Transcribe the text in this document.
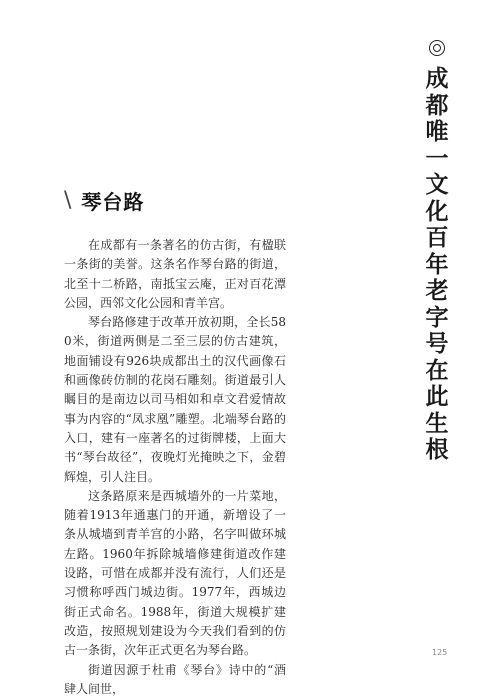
成
都
唯
一
文
化
百
年
老
字
号
在
此
生
根
\ 琴台路

在成都有一条著名的仿古街，有楹联一条街的美誉。这条名作琴台路的街道，北至十二桥路，南抵宝云庵，正对百花潭公园，西邻文化公园和青羊宫。

琴台路修建于改革开放初期，全长580米，街道两侧是二至三层的仿古建筑，地面铺设有926块成都出土的汉代画像石和画像砖仿制的花岗石雕刻。街道最引人瞩目的是南边以司马相如和卓文君爱情故事为内容的“凤求凰”雕塑。北端琴台路的入口，建有一座著名的过街牌楼，上面大书“琴台故径”，夜晚灯光掩映之下，金碧辉煌，引人注目。

这条路原来是西城墙外的一片菜地，随着1913年通惠门的开通，新增设了一条从城墙到青羊宫的小路，名字叫做环城左路。1960年拆除城墙修建街道改作建设路，可惜在成都并没有流行，人们还是习惯称呼西门城边街。1977年，西城边街正式命名。1988年，街道大规模扩建改造，按照规划建设为今天我们看到的仿古一条街，次年正式更名为琴台路。

街道因源于杜甫《琴台》诗中的“酒肆人间世，

125
